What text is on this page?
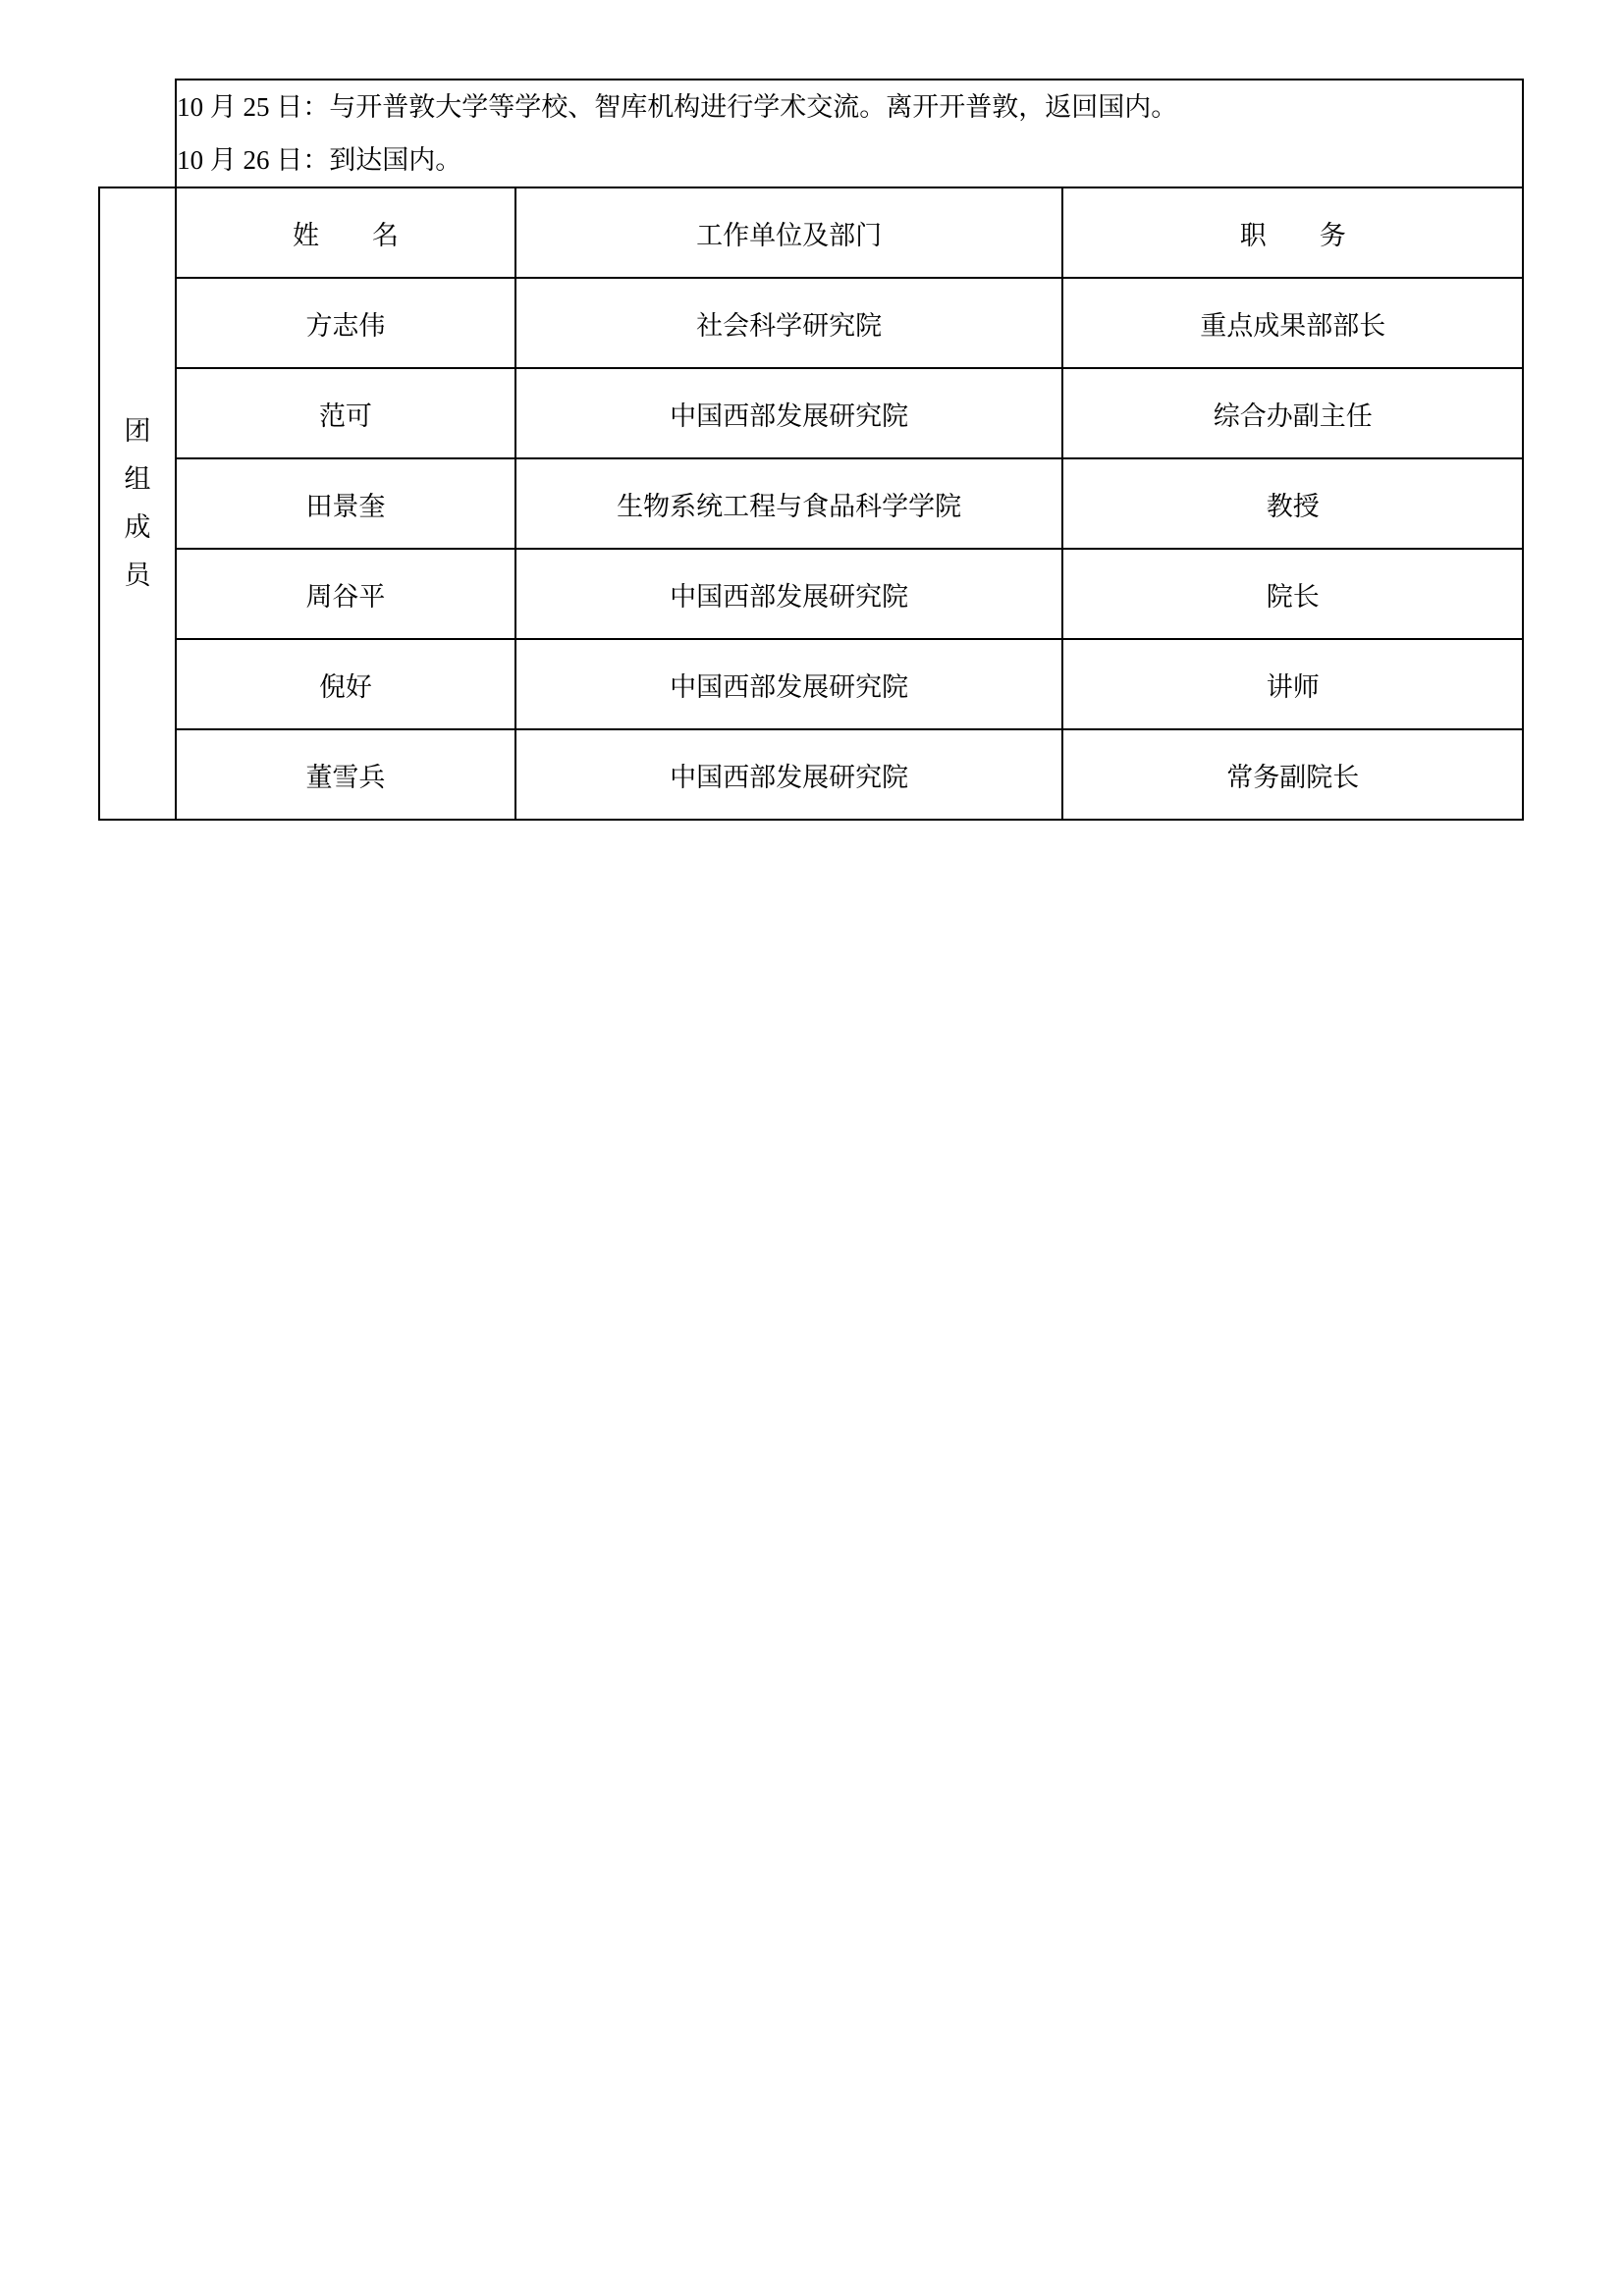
	10 月 25 日：与开普敦大学等学校、智库机构进行学术交流。离开开普敦，返回国内。
10 月 26 日：到达国内。		

团
组
成
员	姓　　名	工作单位及部门	职　　务
	方志伟	社会科学研究院	重点成果部部长
	范可	中国西部发展研究院	综合办副主任
	田景奎	生物系统工程与食品科学学院	教授
	周谷平	中国西部发展研究院	院长
	倪好	中国西部发展研究院	讲师
	董雪兵	中国西部发展研究院	常务副院长
